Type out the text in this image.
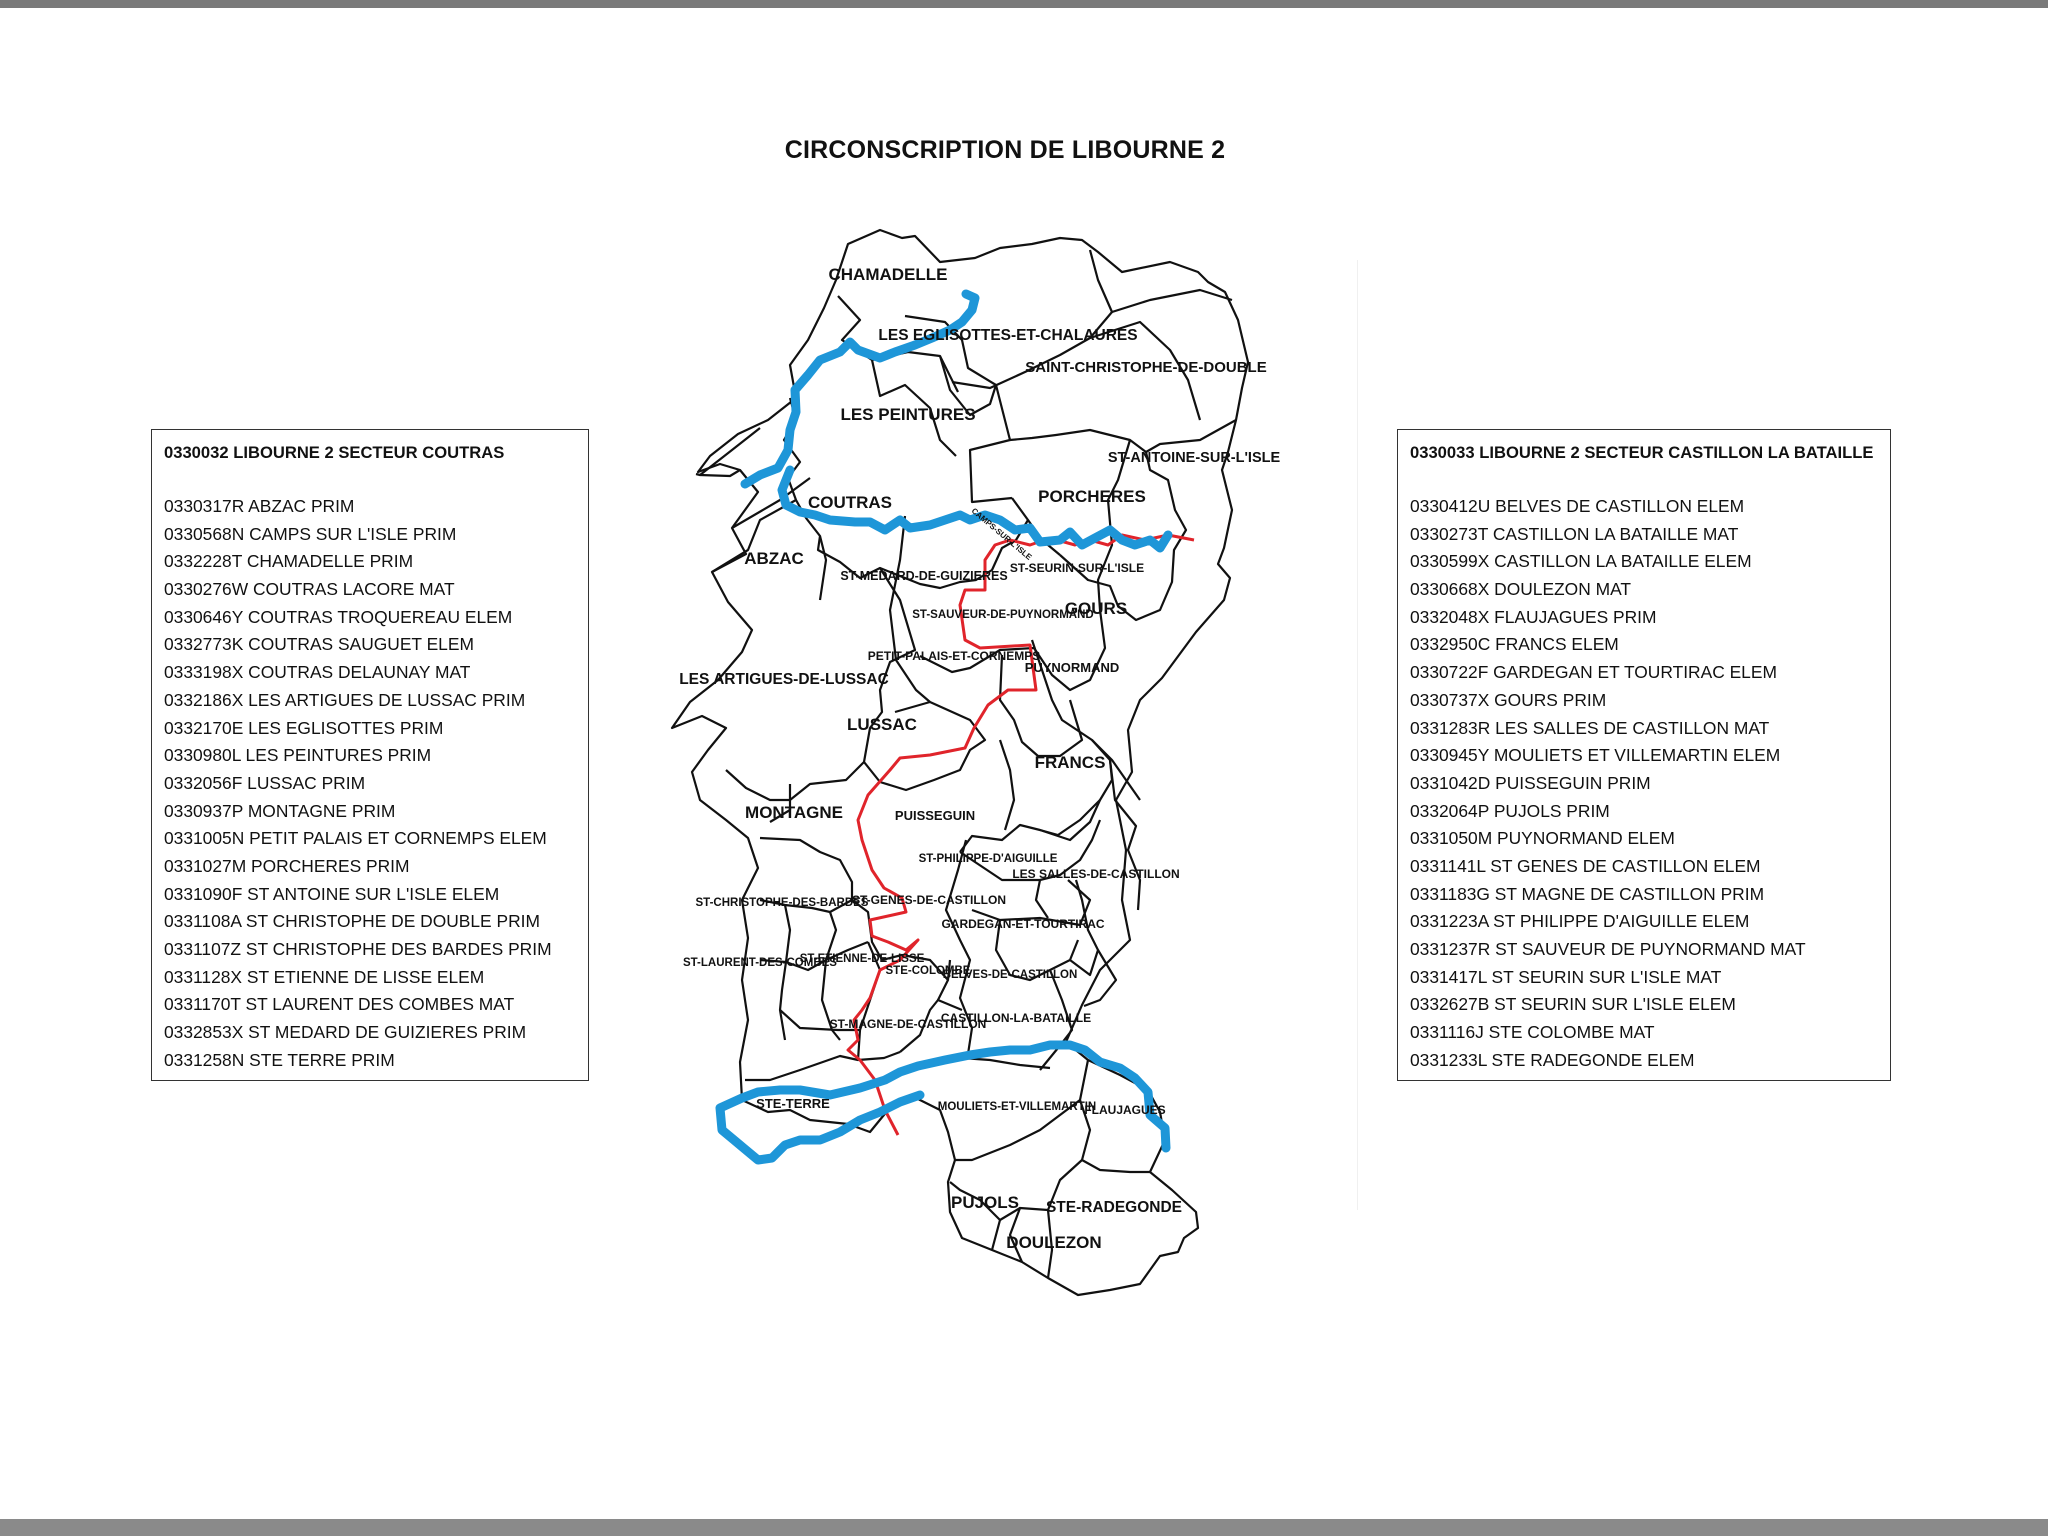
CIRCONSCRIPTION DE LIBOURNE 2
0330032 LIBOURNE 2 SECTEUR COUTRAS
0330317R ABZAC PRIM
0330568N CAMPS SUR L'ISLE PRIM
0332228T CHAMADELLE PRIM
0330276W COUTRAS LACORE MAT
0330646Y COUTRAS TROQUEREAU ELEM
0332773K COUTRAS SAUGUET ELEM
0333198X COUTRAS DELAUNAY MAT
0332186X LES ARTIGUES DE LUSSAC PRIM
0332170E LES EGLISOTTES PRIM
0330980L LES PEINTURES PRIM
0332056F LUSSAC PRIM
0330937P MONTAGNE PRIM
0331005N PETIT PALAIS ET CORNEMPS ELEM
0331027M PORCHERES PRIM
0331090F ST ANTOINE SUR L'ISLE ELEM
0331108A ST CHRISTOPHE DE DOUBLE PRIM
0331107Z ST CHRISTOPHE DES BARDES PRIM
0331128X ST ETIENNE DE LISSE ELEM
0331170T ST LAURENT DES COMBES MAT
0332853X ST MEDARD DE GUIZIERES PRIM
0331258N STE TERRE PRIM
0330033 LIBOURNE 2 SECTEUR CASTILLON LA BATAILLE
0330412U BELVES DE CASTILLON ELEM
0330273T CASTILLON LA BATAILLE MAT
0330599X CASTILLON LA BATAILLE ELEM
0330668X DOULEZON MAT
0332048X FLAUJAGUES PRIM
0332950C FRANCS ELEM
0330722F GARDEGAN ET TOURTIRAC ELEM
0330737X GOURS PRIM
0331283R LES SALLES DE CASTILLON MAT
0330945Y MOULIETS ET VILLEMARTIN ELEM
0331042D PUISSEGUIN PRIM
0332064P PUJOLS PRIM
0331050M PUYNORMAND ELEM
0331141L ST GENES DE CASTILLON ELEM
0331183G ST MAGNE DE CASTILLON PRIM
0331223A ST PHILIPPE D'AIGUILLE ELEM
0331237R ST SAUVEUR DE PUYNORMAND MAT
0331417L ST SEURIN SUR L'ISLE MAT
0332627B ST SEURIN SUR L'ISLE ELEM
0331116J STE COLOMBE MAT
0331233L STE RADEGONDE ELEM
CHAMADELLE
LES EGLISOTTES-ET-CHALAURES
SAINT-CHRISTOPHE-DE-DOUBLE
LES PEINTURES
ST-ANTOINE-SUR-L'ISLE
COUTRAS	PORCHERES
CAMPS-SUR-L'ISLE
ABZAC
ST-MEDARD-DE-GUIZIERES
ST-SEURIN-SUR-L'ISLE
GOURS
ST-SAUVEUR-DE-PUYNORMAND
PETIT-PALAIS-ET-CORNEMPS
PUYNORMAND
LES ARTIGUES-DE-LUSSAC
LUSSAC
FRANCS
MONTAGNE	PUISSEGUIN
ST-PHILIPPE-D'AIGUILLE
LES SALLES-DE-CASTILLON
ST-CHRISTOPHE-DES-BARDES
ST-GENES-DE-CASTILLON
GARDEGAN-ET-TOURTIRAC
ST-LAURENT-DES-COMBES
ST-ETIENNE-DE-LISSE
STE-COLOMBE
BELVES-DE-CASTILLON
ST-MAGNE-DE-CASTILLON
CASTILLON-LA-BATAILLE
STE-TERRE	MOULIETS-ET-VILLEMARTIN
FLAUJAGUES
PUJOLS STE-RADEGONDE
DOULEZON
